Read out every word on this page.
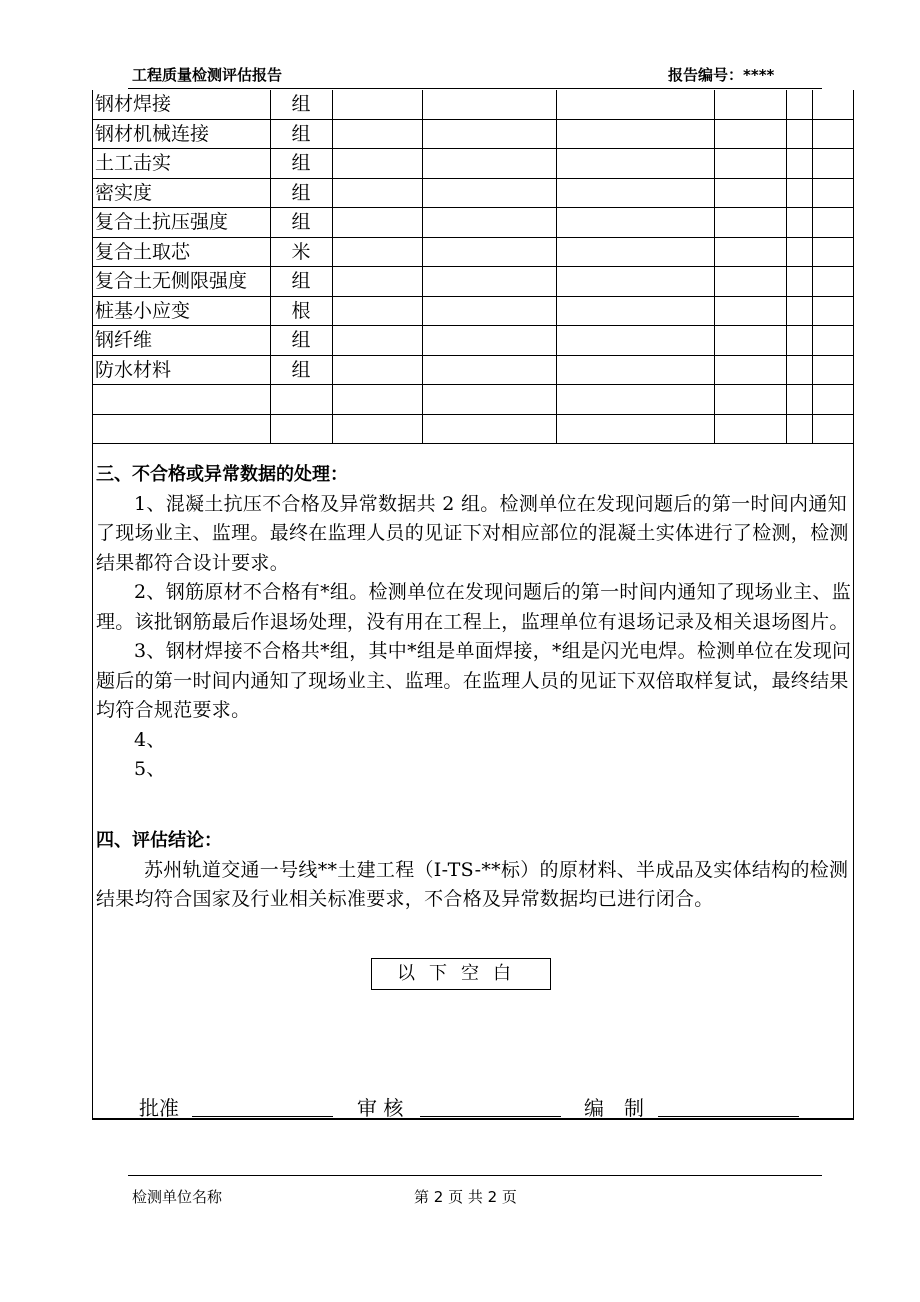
工程质量检测评估报告	报告编号：****
钢材焊接	组						
钢材机械连接	组						
土工击实	组						
密实度	组						
复合土抗压强度	组						
复合土取芯	米						
复合土无侧限强度	组						
桩基小应变	根						
钢纤维	组						
防水材料	组						

三、不合格或异常数据的处理：

1、混凝土抗压不合格及异常数据共 2 组。检测单位在发现问题后的第一时间内通知了现场业主、监理。最终在监理人员的见证下对相应部位的混凝土实体进行了检测，检测结果都符合设计要求。

2、钢筋原材不合格有*组。检测单位在发现问题后的第一时间内通知了现场业主、监理。该批钢筋最后作退场处理，没有用在工程上，监理单位有退场记录及相关退场图片。

3、钢材焊接不合格共*组，其中*组是单面焊接，*组是闪光电焊。检测单位在发现问题后的第一时间内通知了现场业主、监理。在监理人员的见证下双倍取样复试，最终结果均符合规范要求。

4、

5、

四、评估结论：

苏州轨道交通一号线**土建工程（I-TS-**标）的原材料、半成品及实体结构的检测结果均符合国家及行业相关标准要求，不合格及异常数据均已进行闭合。

以下空白
批准	审 核	编　制
检测单位名称	第 2 页 共 2 页
